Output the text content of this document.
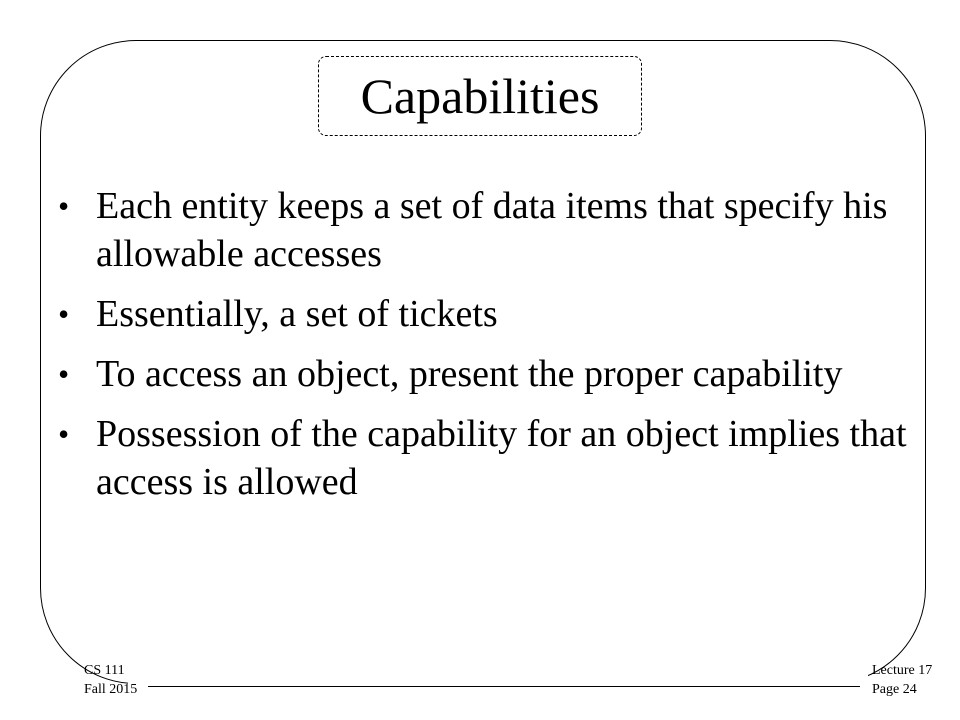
Capabilities
• Each entity keeps a set of data items that specify his allowable accesses
• Essentially, a set of tickets
• To access an object, present the proper capability
• Possession of the capability for an object implies that access is allowed
CS 111
Fall 2015
Lecture 17
Page 24
